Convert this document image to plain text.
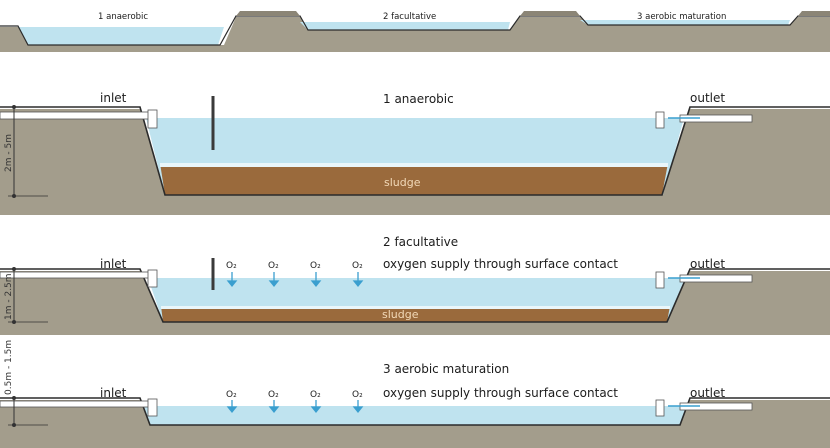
1 anaerobic	2 facultative	3 aerobic maturation
inlet	outlet
1 anaerobic
sludge
2m - 5m
inlet	outlet
2 facultative
oxygen supply through surface contact
sludge
O₂	O₂	O₂	O₂
1m - 2.5m
inlet	outlet
3 aerobic maturation
oxygen supply through surface contact
O₂	O₂	O₂	O₂
0.5m - 1.5m
